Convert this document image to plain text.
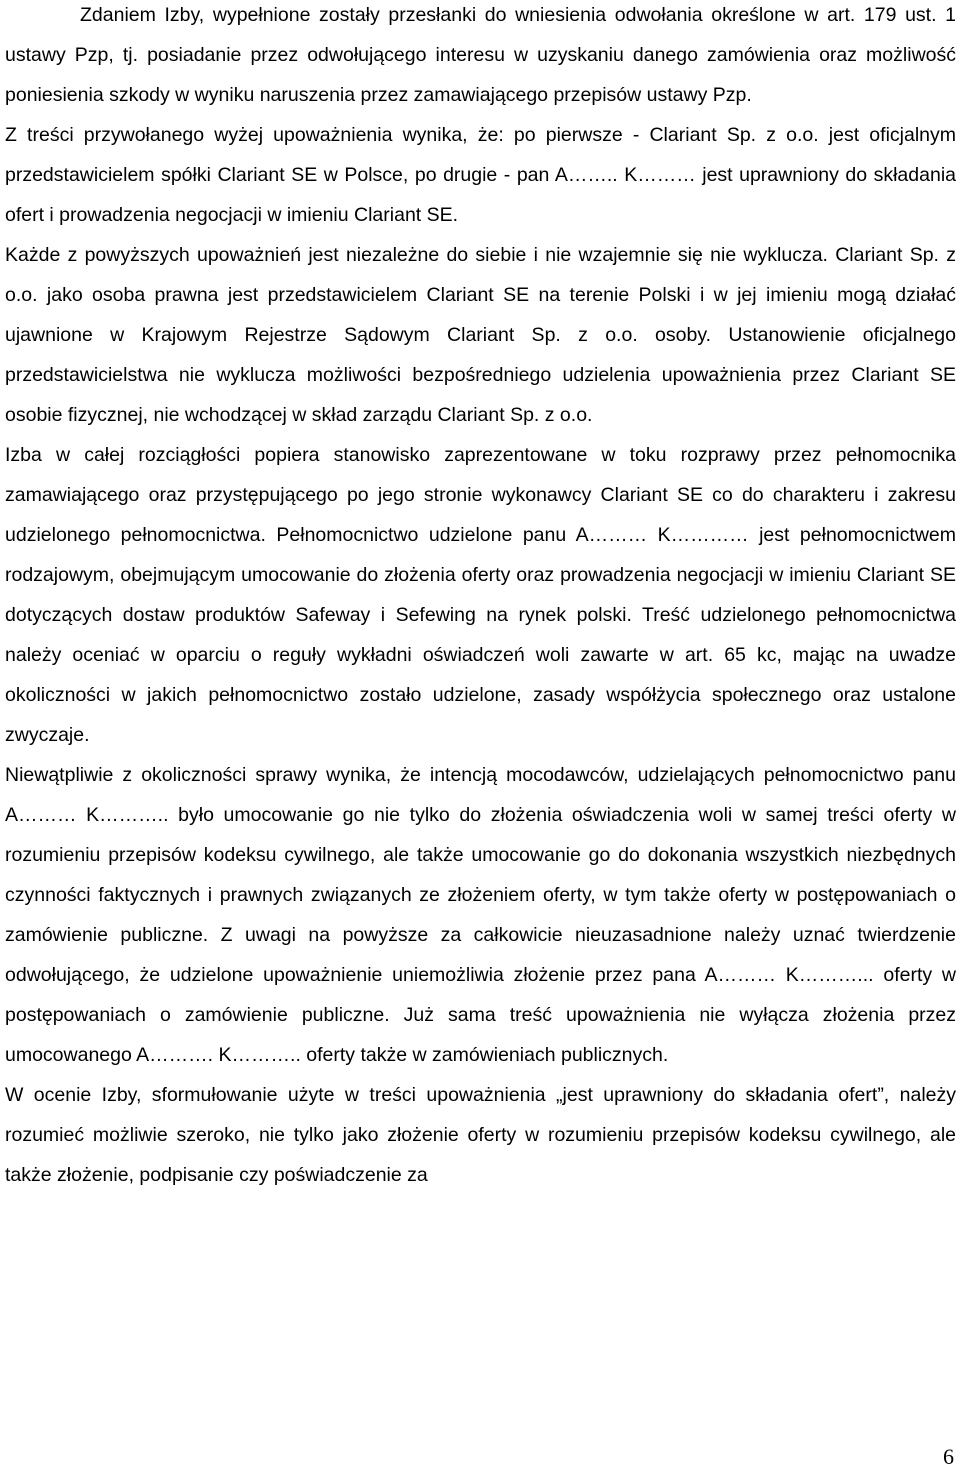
Zdaniem Izby, wypełnione zostały przesłanki do wniesienia odwołania określone w art. 179 ust. 1 ustawy Pzp, tj. posiadanie przez odwołującego interesu w uzyskaniu danego zamówienia oraz możliwość poniesienia szkody w wyniku naruszenia przez zamawiającego przepisów ustawy Pzp.

Z treści przywołanego wyżej upoważnienia wynika, że: po pierwsze - Clariant Sp. z o.o. jest oficjalnym przedstawicielem spółki Clariant SE w Polsce, po drugie - pan A…….. K……… jest uprawniony do składania ofert i prowadzenia negocjacji w imieniu Clariant SE.

Każde z powyższych upoważnień jest niezależne do siebie i nie wzajemnie się nie wyklucza. Clariant Sp. z o.o. jako osoba prawna jest przedstawicielem Clariant SE na terenie Polski i w jej imieniu mogą działać ujawnione w Krajowym Rejestrze Sądowym Clariant Sp. z o.o. osoby. Ustanowienie oficjalnego przedstawicielstwa nie wyklucza możliwości bezpośredniego udzielenia upoważnienia przez Clariant SE osobie fizycznej, nie wchodzącej w skład zarządu Clariant Sp. z o.o.

Izba w całej rozciągłości popiera stanowisko zaprezentowane w toku rozprawy przez pełnomocnika zamawiającego oraz przystępującego po jego stronie wykonawcy Clariant SE co do charakteru i zakresu udzielonego pełnomocnictwa. Pełnomocnictwo udzielone panu A……… K………… jest pełnomocnictwem rodzajowym, obejmującym umocowanie do złożenia oferty oraz prowadzenia negocjacji w imieniu Clariant SE dotyczących dostaw produktów Safeway i Sefewing na rynek polski. Treść udzielonego pełnomocnictwa należy oceniać w oparciu o reguły wykładni oświadczeń woli zawarte w art. 65 kc, mając na uwadze okoliczności w jakich pełnomocnictwo zostało udzielone, zasady współżycia społecznego oraz ustalone zwyczaje.

Niewątpliwie z okoliczności sprawy wynika, że intencją mocodawców, udzielających pełnomocnictwo panu A……… K……….. było umocowanie go nie tylko do złożenia oświadczenia woli w samej treści oferty w rozumieniu przepisów kodeksu cywilnego, ale także umocowanie go do dokonania wszystkich niezbędnych czynności faktycznych i prawnych związanych ze złożeniem oferty, w tym także oferty w postępowaniach o zamówienie publiczne. Z uwagi na powyższe za całkowicie nieuzasadnione należy uznać twierdzenie odwołującego, że udzielone upoważnienie uniemożliwia złożenie przez pana A……… K………... oferty w postępowaniach o zamówienie publiczne. Już sama treść upoważnienia nie wyłącza złożenia przez umocowanego A………. K……….. oferty także w zamówieniach publicznych.

W ocenie Izby, sformułowanie użyte w treści upoważnienia „jest uprawniony do składania ofert”, należy rozumieć możliwie szeroko, nie tylko jako złożenie oferty w rozumieniu przepisów kodeksu cywilnego, ale także złożenie, podpisanie czy poświadczenie za

6
